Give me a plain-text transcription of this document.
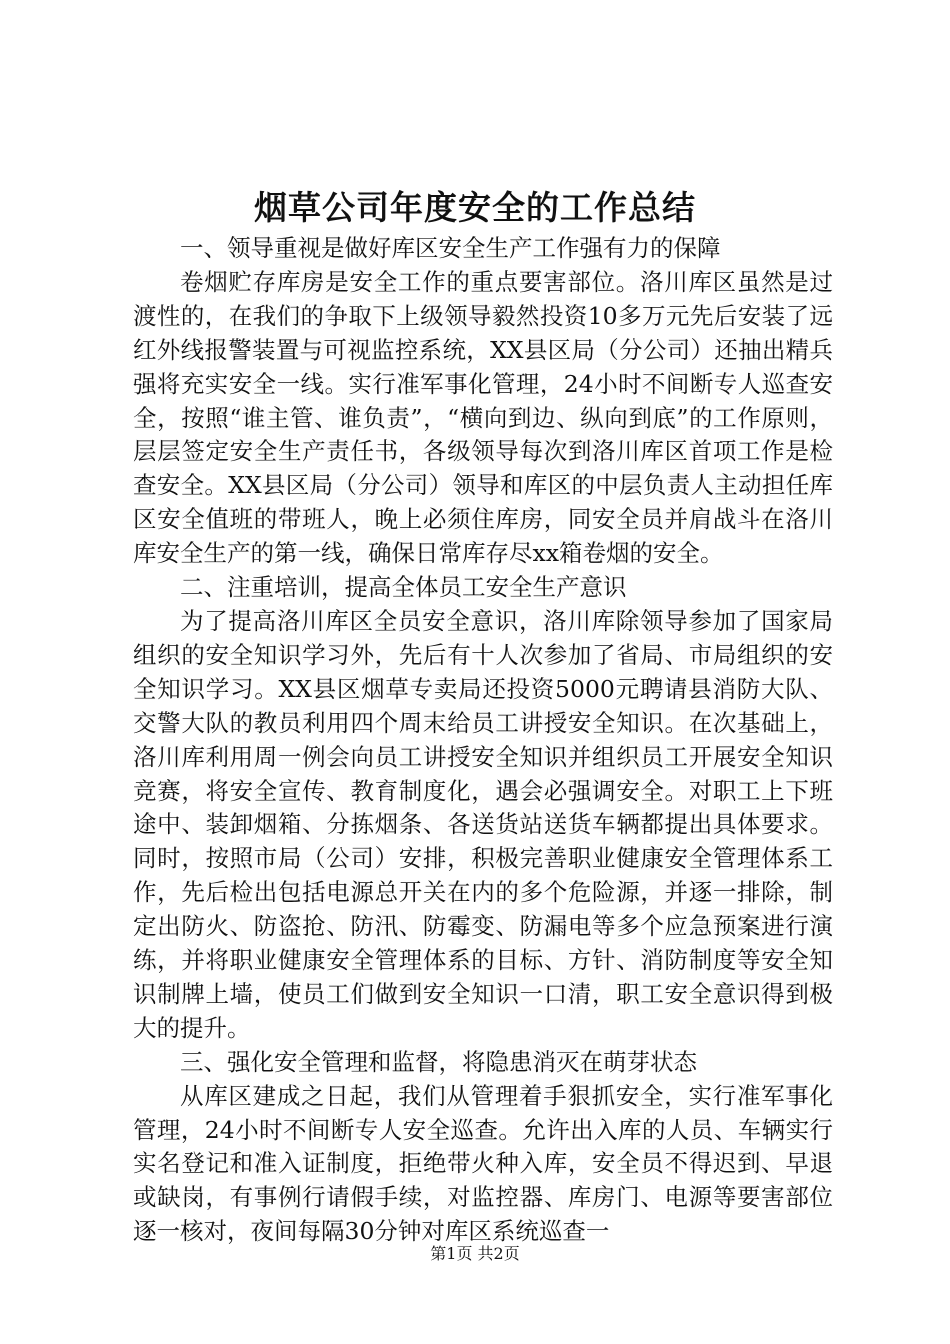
烟草公司年度安全的工作总结

一、领导重视是做好库区安全生产工作强有力的保障

卷烟贮存库房是安全工作的重点要害部位。洛川库区虽然是过渡性的，在我们的争取下上级领导毅然投资10多万元先后安装了远红外线报警装置与可视监控系统，XX县区局（分公司）还抽出精兵强将充实安全一线。实行准军事化管理，24小时不间断专人巡查安全，按照“谁主管、谁负责”，“横向到边、纵向到底”的工作原则，层层签定安全生产责任书，各级领导每次到洛川库区首项工作是检查安全。XX县区局（分公司）领导和库区的中层负责人主动担任库区安全值班的带班人，晚上必须住库房，同安全员并肩战斗在洛川库安全生产的第一线，确保日常库存尽xx箱卷烟的安全。

二、注重培训，提高全体员工安全生产意识

为了提高洛川库区全员安全意识，洛川库除领导参加了国家局组织的安全知识学习外，先后有十人次参加了省局、市局组织的安全知识学习。XX县区烟草专卖局还投资5000元聘请县消防大队、交警大队的教员利用四个周末给员工讲授安全知识。在次基础上，洛川库利用周一例会向员工讲授安全知识并组织员工开展安全知识竞赛，将安全宣传、教育制度化，遇会必强调安全。对职工上下班途中、装卸烟箱、分拣烟条、各送货站送货车辆都提出具体要求。同时，按照市局（公司）安排，积极完善职业健康安全管理体系工作，先后检出包括电源总开关在内的多个危险源，并逐一排除，制定出防火、防盗抢、防汛、防霉变、防漏电等多个应急预案进行演练，并将职业健康安全管理体系的目标、方针、消防制度等安全知识制牌上墙，使员工们做到安全知识一口清，职工安全意识得到极大的提升。

三、强化安全管理和监督，将隐患消灭在萌芽状态

从库区建成之日起，我们从管理着手狠抓安全，实行准军事化管理，24小时不间断专人安全巡查。允许出入库的人员、车辆实行实名登记和准入证制度，拒绝带火种入库，安全员不得迟到、早退或缺岗，有事例行请假手续，对监控器、库房门、电源等要害部位逐一核对，夜间每隔30分钟对库区系统巡查一

第1页 共2页
